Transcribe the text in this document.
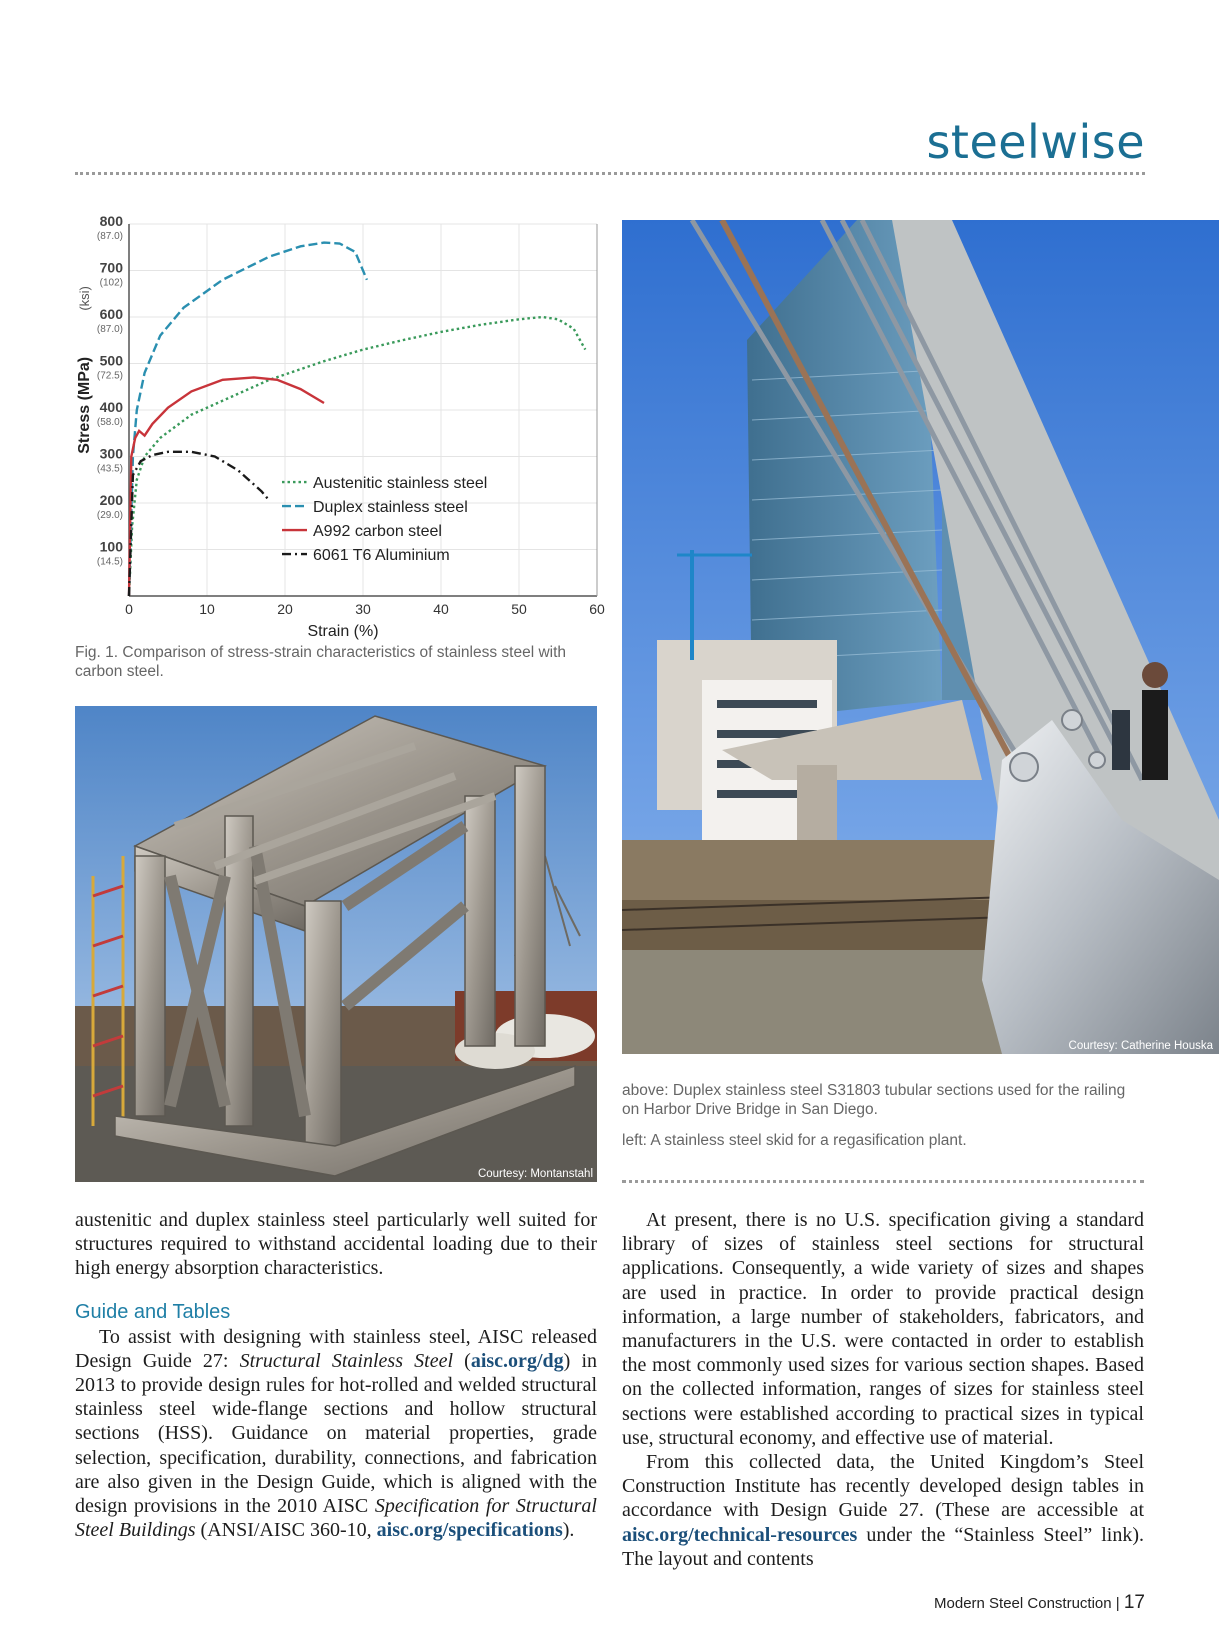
steelwise
0	10	20	30	40	50	60
800
(87.0)
700
(102)
600
(87.0)
500
(72.5)
400
(58.0)
300
(43.5)
200
(29.0)
100
(14.5)
Strain (%)
Stress (MPa)
(ksi)
Austenitic stainless steel
Duplex stainless steel
A992 carbon steel
6061 T6 Aluminium
Fig. 1. Comparison of stress-strain characteristics of stainless steel with carbon steel.
Courtesy: Montanstahl
Courtesy: Catherine Houska
above: Duplex stainless steel S31803 tubular sections used for the railing on Harbor Drive Bridge in San Diego.
left: A stainless steel skid for a regasification plant.

austenitic and duplex stainless steel particularly well suited for structures required to withstand accidental loading due to their high energy absorption characteristics.

Guide and Tables

To assist with designing with stainless steel, AISC released Design Guide 27: Structural Stainless Steel (aisc.org/dg) in 2013 to provide design rules for hot-rolled and welded structural stainless steel wide-flange sections and hollow structural sections (HSS). Guidance on material properties, grade selection, specification, durability, connections, and fabrication are also given in the Design Guide, which is aligned with the design provisions in the 2010 AISC Specification for Structural Steel Buildings (ANSI/AISC 360-10, aisc.org/specifications).

At present, there is no U.S. specification giving a standard library of sizes of stainless steel sections for structural applications. Consequently, a wide variety of sizes and shapes are used in practice. In order to provide practical design information, a large number of stakeholders, fabricators, and manufacturers in the U.S. were contacted in order to establish the most commonly used sizes for various section shapes. Based on the collected information, ranges of sizes for stainless steel sections were established according to practical sizes in typical use, structural economy, and effective use of material.

From this collected data, the United Kingdom’s Steel Construction Institute has recently developed design tables in accordance with Design Guide 27. (These are accessible at aisc.org/technical-resources under the “Stainless Steel” link). The layout and contents

Modern Steel Construction | 17
